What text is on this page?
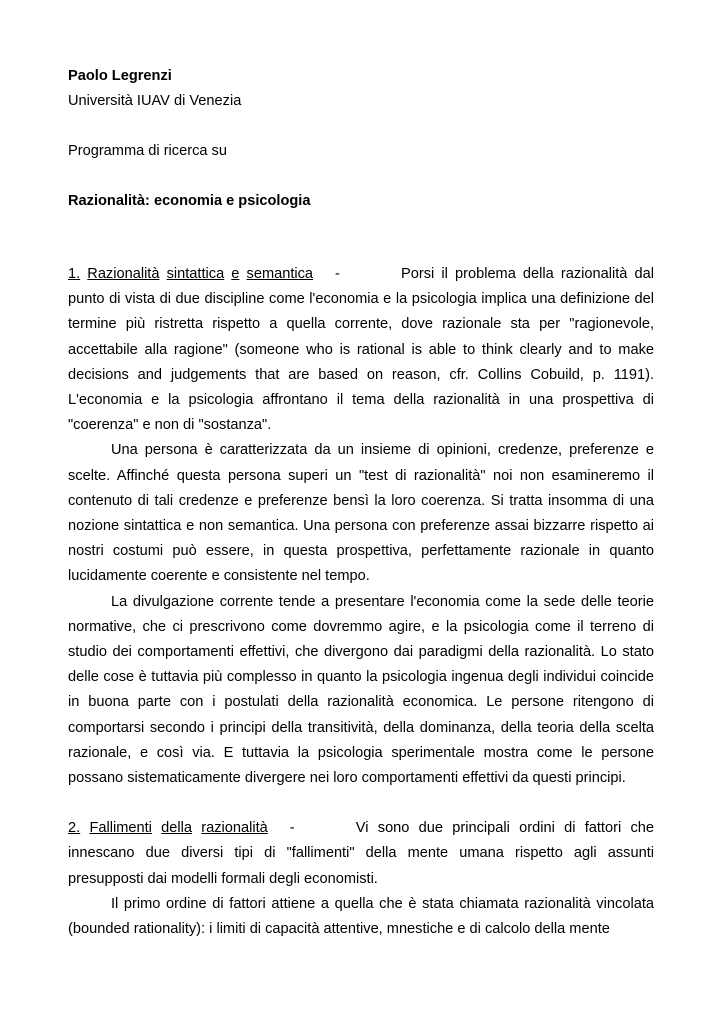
Paolo Legrenzi
Università IUAV di Venezia
Programma di ricerca su
Razionalità: economia e psicologia

1. Razionalità sintattica e semantica -	Porsi il problema della razionalità dal punto di vista di due discipline come l'economia e la psicologia implica una definizione del termine più ristretta rispetto a quella corrente, dove razionale sta per "ragionevole, accettabile alla ragione" (someone who is rational is able to think clearly and to make decisions and judgements that are based on reason, cfr. Collins Cobuild, p. 1191). L'economia e la psicologia affrontano il tema della razionalità in una prospettiva di "coerenza" e non di "sostanza".

Una persona è caratterizzata da un insieme di opinioni, credenze, preferenze e scelte. Affinché questa persona superi un "test di razionalità" noi non esamineremo il contenuto di tali credenze e preferenze bensì la loro coerenza. Si tratta insomma di una nozione sintattica e non semantica. Una persona con preferenze assai bizzarre rispetto ai nostri costumi può essere, in questa prospettiva, perfettamente razionale in quanto lucidamente coerente e consistente nel tempo.

La divulgazione corrente tende a presentare l'economia come la sede delle teorie normative, che ci prescrivono come dovremmo agire, e la psicologia come il terreno di studio dei comportamenti effettivi, che divergono dai paradigmi della razionalità. Lo stato delle cose è tuttavia più complesso in quanto la psicologia ingenua degli individui coincide in buona parte con i postulati della razionalità economica. Le persone ritengono di comportarsi secondo i principi della transitività, della dominanza, della teoria della scelta razionale, e così via. E tuttavia la psicologia sperimentale mostra come le persone possano sistematicamente divergere nei loro comportamenti effettivi da questi principi.

2. Fallimenti della razionalità -	Vi sono due principali ordini di fattori che innescano due diversi tipi di "fallimenti" della mente umana rispetto agli assunti presupposti dai modelli formali degli economisti.

Il primo ordine di fattori attiene a quella che è stata chiamata razionalità vincolata (bounded rationality): i limiti di capacità attentive, mnestiche e di calcolo della mente
